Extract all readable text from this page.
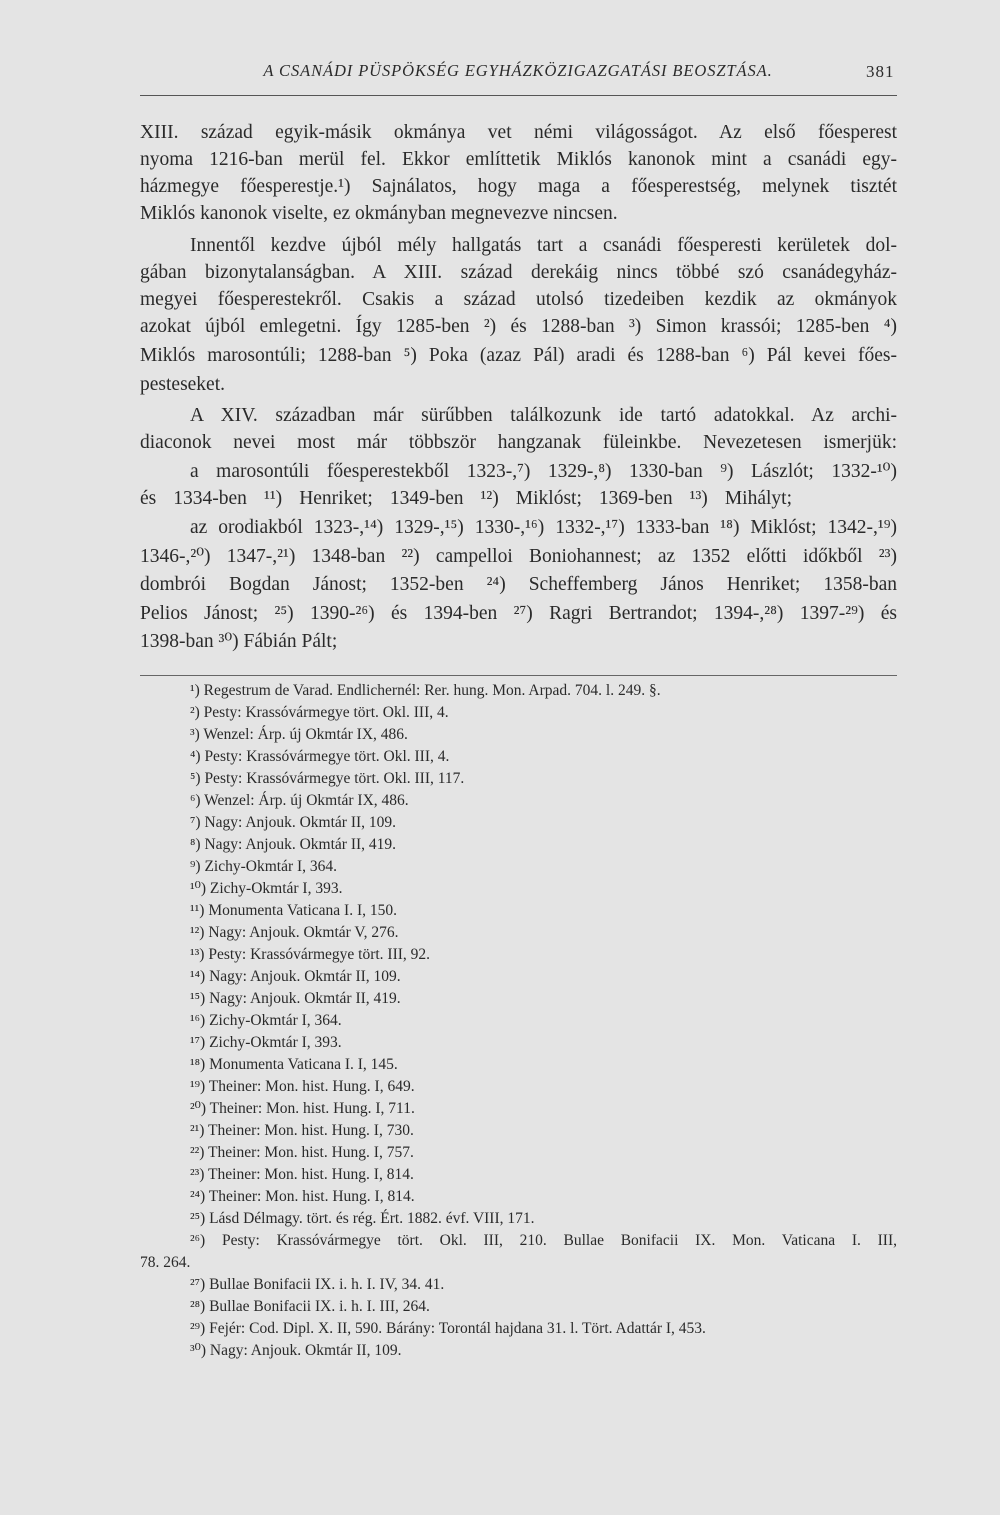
A CSANÁDI PÜSPÖKSÉG EGYHÁZKÖZIGAZGATÁSI BEOSZTÁSA.	381
XIII. század egyik-másik okmánya vet némi világosságot. Az első főesperest
nyoma 1216-ban merül fel. Ekkor említtetik Miklós kanonok mint a csanádi egy-
házmegye főesperestje.¹) Sajnálatos, hogy maga a főesperestség, melynek tisztét
Miklós kanonok viselte, ez okmányban megnevezve nincsen.
Innentől kezdve újból mély hallgatás tart a csanádi főesperesti kerületek dol-
gában bizonytalanságban. A XIII. század derekáig nincs többé szó csanádegyház-
megyei főesperestekről. Csakis a század utolsó tizedeiben kezdik az okmányok
azokat újból emlegetni. Így 1285-ben ²) és 1288-ban ³) Simon krassói; 1285-ben ⁴)
Miklós marosontúli; 1288-ban ⁵) Poka (azaz Pál) aradi és 1288-ban ⁶) Pál kevei főes-
pesteseket.
A XIV. században már sürűbben találkozunk ide tartó adatokkal. Az archi-
diaconok nevei most már többször hangzanak füleinkbe. Nevezetesen ismerjük:
a marosontúli főesperestekből 1323-,⁷) 1329-,⁸) 1330-ban ⁹) Lászlót; 1332-¹⁰)
és 1334-ben ¹¹) Henriket; 1349-ben ¹²) Miklóst; 1369-ben ¹³) Mihályt;
az orodiakból 1323-,¹⁴) 1329-,¹⁵) 1330-,¹⁶) 1332-,¹⁷) 1333-ban ¹⁸) Miklóst; 1342-,¹⁹)
1346-,²⁰) 1347-,²¹) 1348-ban ²²) campelloi Boniohannest; az 1352 előtti időkből ²³)
dombrói Bogdan Jánost; 1352-ben ²⁴) Scheffemberg János Henriket; 1358-ban
Pelios Jánost; ²⁵) 1390-²⁶) és 1394-ben ²⁷) Ragri Bertrandot; 1394-,²⁸) 1397-²⁹) és
1398-ban ³⁰) Fábián Pált;
¹) Regestrum de Varad. Endlichernél: Rer. hung. Mon. Arpad. 704. l. 249. §.
²) Pesty: Krassóvármegye tört. Okl. III, 4.
³) Wenzel: Árp. új Okmtár IX, 486.
⁴) Pesty: Krassóvármegye tört. Okl. III, 4.
⁵) Pesty: Krassóvármegye tört. Okl. III, 117.
⁶) Wenzel: Árp. új Okmtár IX, 486.
⁷) Nagy: Anjouk. Okmtár II, 109.
⁸) Nagy: Anjouk. Okmtár II, 419.
⁹) Zichy-Okmtár I, 364.
¹⁰) Zichy-Okmtár I, 393.
¹¹) Monumenta Vaticana I. I, 150.
¹²) Nagy: Anjouk. Okmtár V, 276.
¹³) Pesty: Krassóvármegye tört. III, 92.
¹⁴) Nagy: Anjouk. Okmtár II, 109.
¹⁵) Nagy: Anjouk. Okmtár II, 419.
¹⁶) Zichy-Okmtár I, 364.
¹⁷) Zichy-Okmtár I, 393.
¹⁸) Monumenta Vaticana I. I, 145.
¹⁹) Theiner: Mon. hist. Hung. I, 649.
²⁰) Theiner: Mon. hist. Hung. I, 711.
²¹) Theiner: Mon. hist. Hung. I, 730.
²²) Theiner: Mon. hist. Hung. I, 757.
²³) Theiner: Mon. hist. Hung. I, 814.
²⁴) Theiner: Mon. hist. Hung. I, 814.
²⁵) Lásd Délmagy. tört. és rég. Ért. 1882. évf. VIII, 171.
²⁶) Pesty: Krassóvármegye tört. Okl. III, 210. Bullae Bonifacii IX. Mon. Vaticana I. III,
78. 264.
²⁷) Bullae Bonifacii IX. i. h. I. IV, 34. 41.
²⁸) Bullae Bonifacii IX. i. h. I. III, 264.
²⁹) Fejér: Cod. Dipl. X. II, 590. Bárány: Torontál hajdana 31. l. Tört. Adattár I, 453.
³⁰) Nagy: Anjouk. Okmtár II, 109.
